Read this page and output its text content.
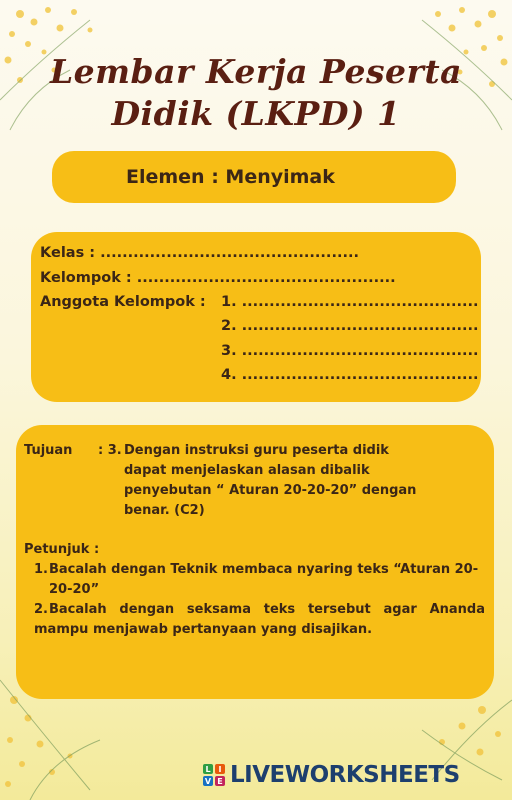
Lembar Kerja Peserta
Didik (LKPD) 1
Elemen : Menyimak
Kelas : ...............................................
Kelompok : ...............................................
Anggota Kelompok : 1. ...........................................
2. ...........................................
3. ...........................................
4. ...........................................
Tujuan : 3. Dengan instruksi guru peserta didik
dapat menjelaskan alasan dibalik
penyebutan “ Aturan 20-20-20” dengan
benar. (C2)
Petunjuk :
1. Bacalah dengan Teknik membaca nyaring teks “Aturan 20-
20-20”
2. Bacalah dengan seksama teks tersebut agar Ananda
mampu menjawab pertanyaan yang disajikan.
L I
V E LIVEWORKSHEETS
